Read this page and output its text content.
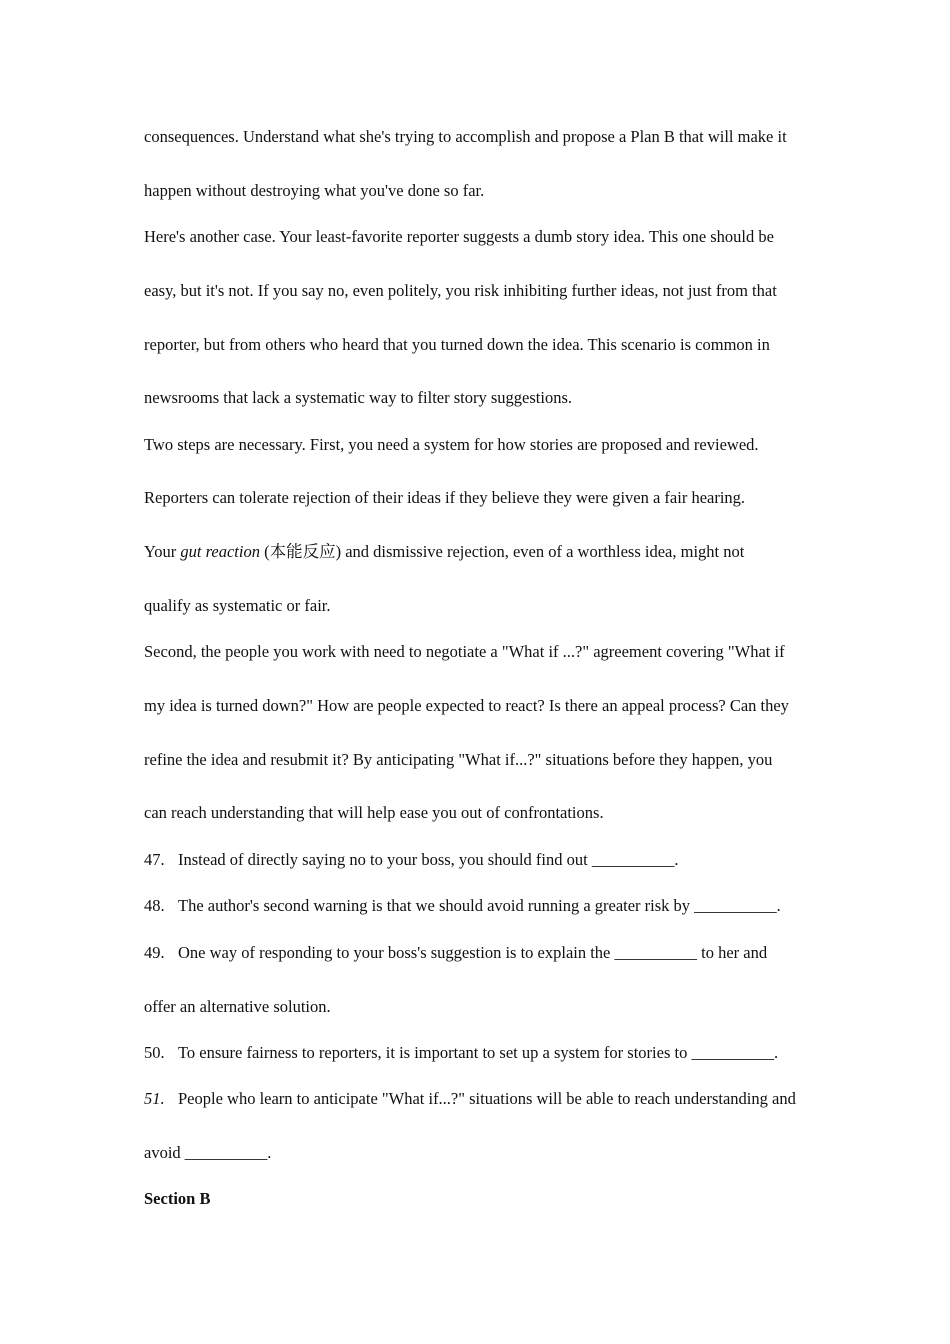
consequences. Understand what she's trying to accomplish and propose a Plan B that will make it
happen without destroying what you've done so far.
Here's another case. Your least-favorite reporter suggests a dumb story idea. This one should be
easy, but it's not. If you say no, even politely, you risk inhibiting further ideas, not just from that
reporter, but from others who heard that you turned down the idea. This scenario is common in
newsrooms that lack a systematic way to filter story suggestions.
Two steps are necessary. First, you need a system for how stories are proposed and reviewed.
Reporters can tolerate rejection of their ideas if they believe they were given a fair hearing.
Your gut reaction (本能反应) and dismissive rejection, even of a worthless idea, might not
qualify as systematic or fair.
Second, the people you work with need to negotiate a "What if ...?" agreement covering "What if
my idea is turned down?" How are people expected to react? Is there an appeal process? Can they
refine the idea and resubmit it? By anticipating "What if...?" situations before they happen, you
can reach understanding that will help ease you out of confrontations.
47. Instead of directly saying no to your boss, you should find out __________.
48. The author's second warning is that we should avoid running a greater risk by __________.
49. One way of responding to your boss's suggestion is to explain the __________ to her and
offer an alternative solution.
50. To ensure fairness to reporters, it is important to set up a system for stories to __________.
51. People who learn to anticipate "What if...?" situations will be able to reach understanding and
avoid __________.
Section B
